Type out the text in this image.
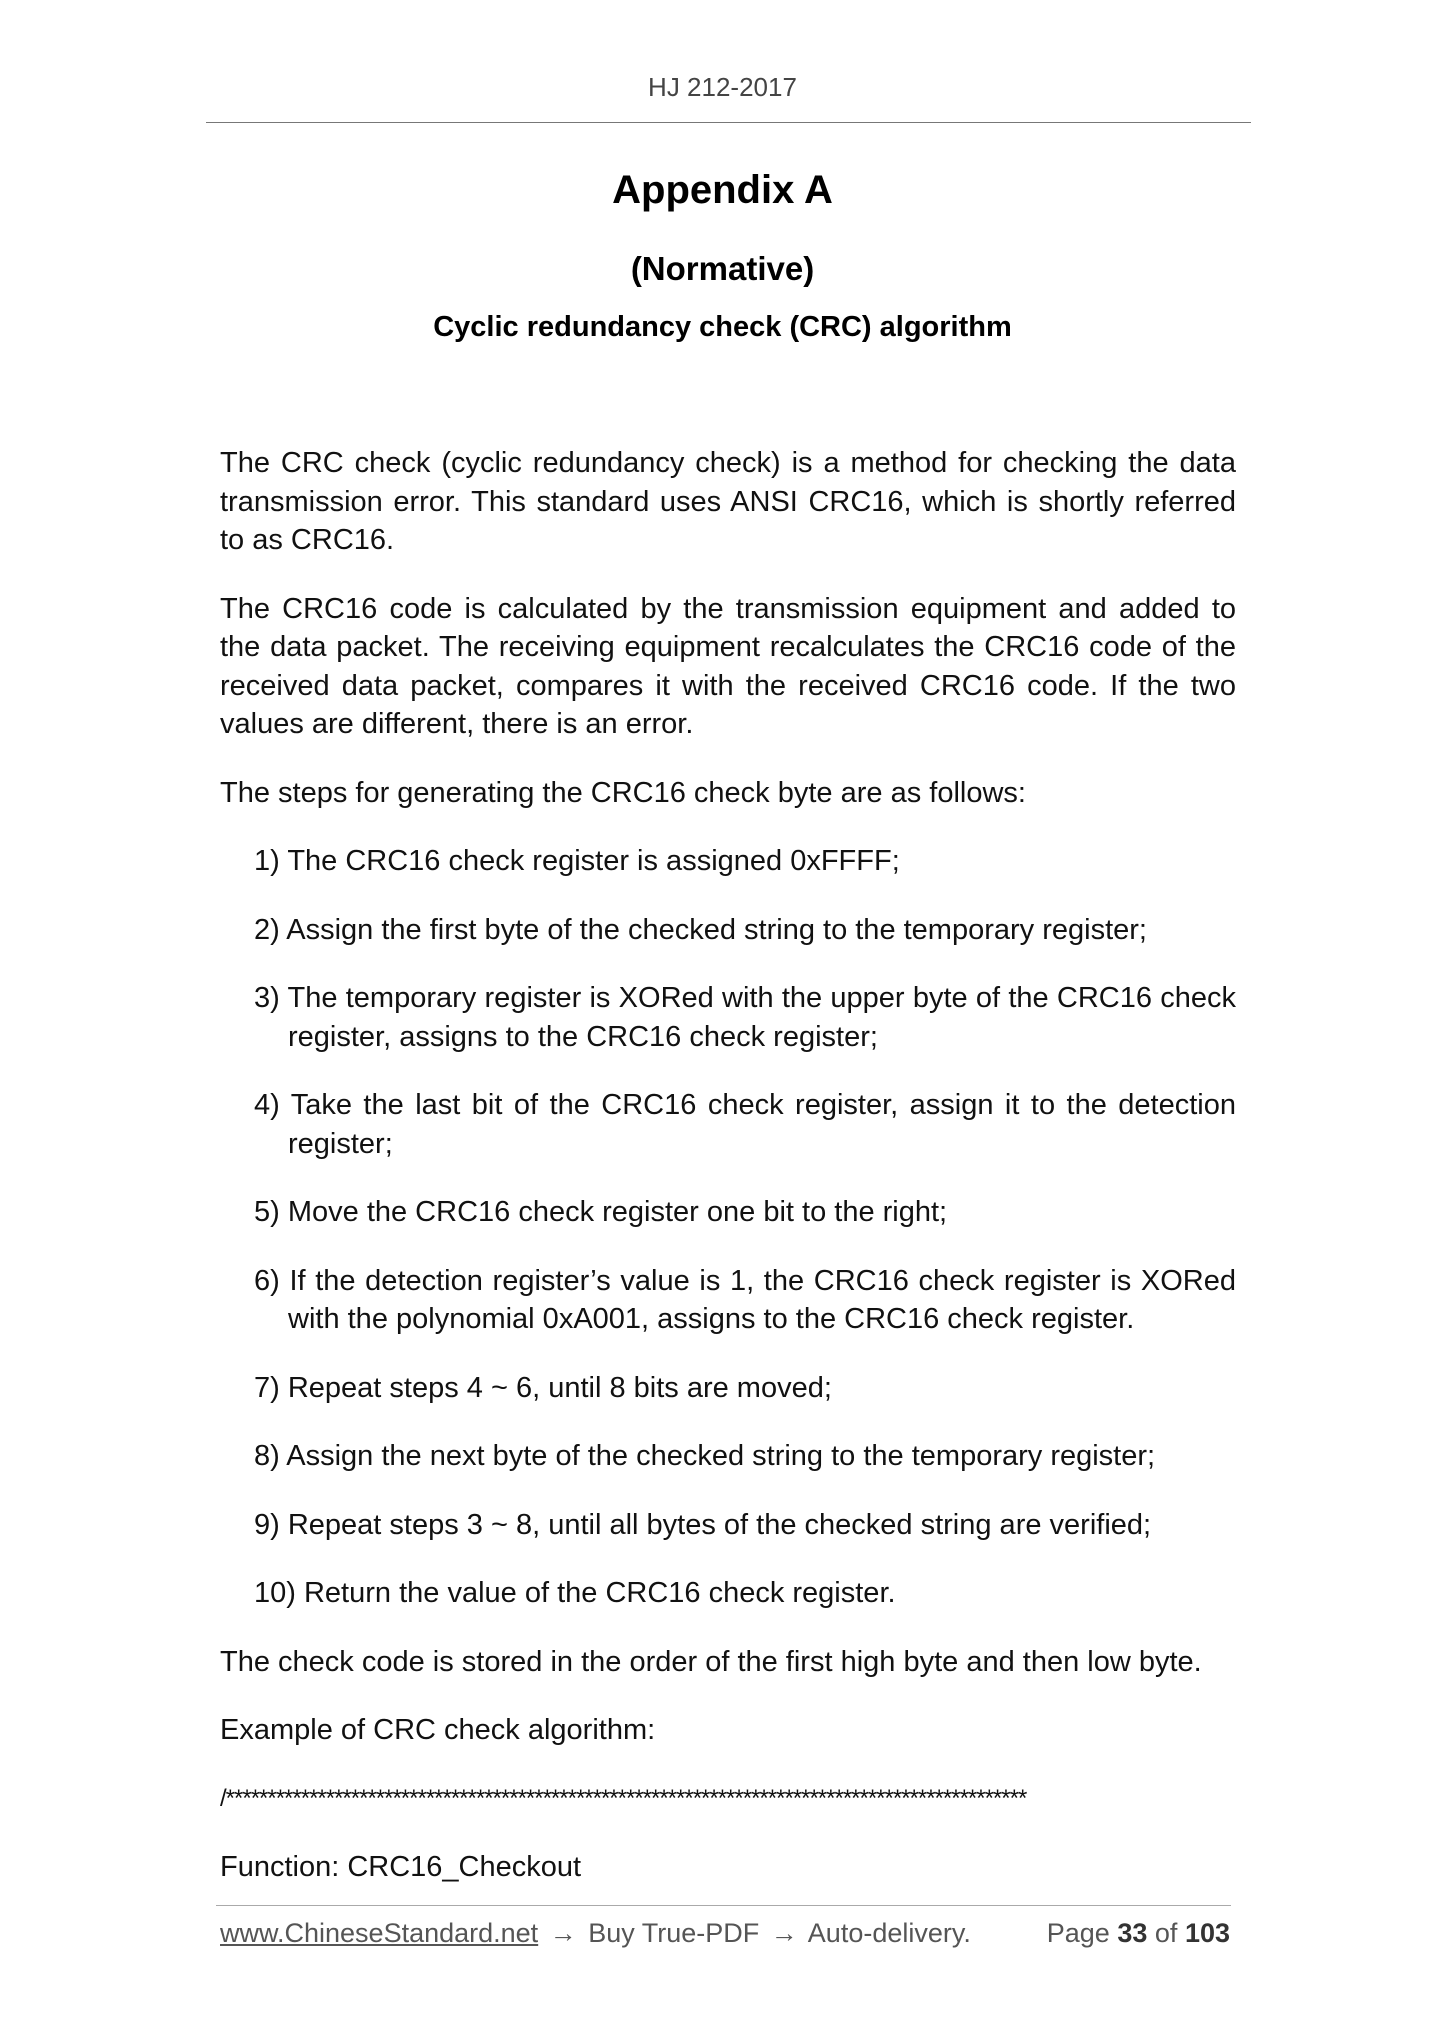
HJ 212-2017
Appendix A
(Normative)
Cyclic redundancy check (CRC) algorithm

The CRC check (cyclic redundancy check) is a method for checking the data transmission error. This standard uses ANSI CRC16, which is shortly referred to as CRC16.

The CRC16 code is calculated by the transmission equipment and added to the data packet. The receiving equipment recalculates the CRC16 code of the received data packet, compares it with the received CRC16 code. If the two values are different, there is an error.

The steps for generating the CRC16 check byte are as follows:

1) The CRC16 check register is assigned 0xFFFF;
2) Assign the first byte of the checked string to the temporary register;
3) The temporary register is XORed with the upper byte of the CRC16 check register, assigns to the CRC16 check register;
4) Take the last bit of the CRC16 check register, assign it to the detection register;
5) Move the CRC16 check register one bit to the right;
6) If the detection register’s value is 1, the CRC16 check register is XORed with the polynomial 0xA001, assigns to the CRC16 check register.
7) Repeat steps 4 ~ 6, until 8 bits are moved;
8) Assign the next byte of the checked string to the temporary register;
9) Repeat steps 3 ~ 8, until all bytes of the checked string are verified;
10) Return the value of the CRC16 check register.

The check code is stored in the order of the first high byte and then low byte.

Example of CRC check algorithm:

/************************************************************************************************

Function: CRC16_Checkout

www.ChineseStandard.net → Buy True-PDF → Auto-delivery.	Page 33 of 103
